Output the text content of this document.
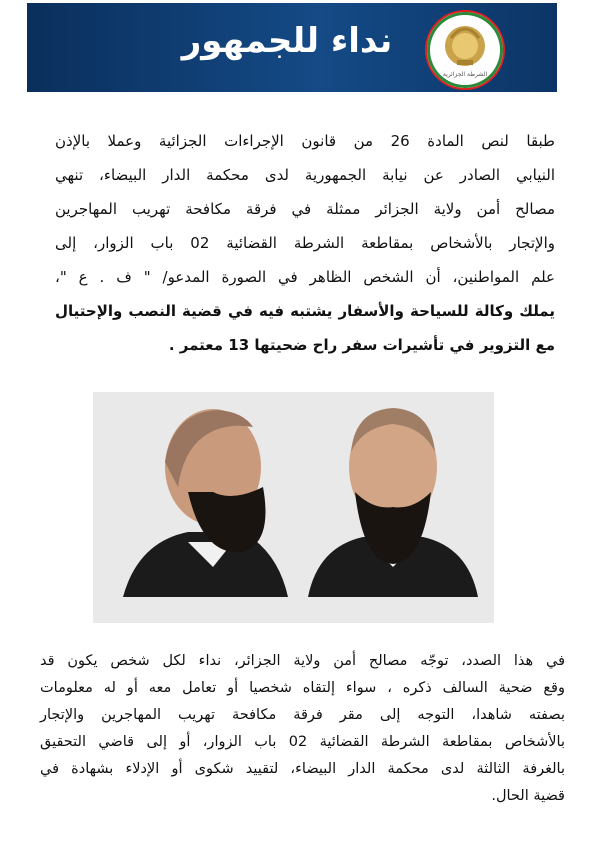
نداء للجمهور
الشرطة الجزائرية
طبقا لنص المادة 26 من قانون الإجراءات الجزائية وعملا بالإذن
النيابي الصادر عن نيابة الجمهورية لدى محكمة الدار البيضاء، تنهي
مصالح أمن ولاية الجزائر ممثلة في فرقة مكافحة تهريب المهاجرين
والإتجار بالأشخاص بمقاطعة الشرطة القضائية 02 باب الزوار، إلى
علم المواطنين، أن الشخص الظاهر في الصورة المدعو/ " ف . ع "،
يملك وكالة للسياحة والأسفار يشتبه فيه في قضية النصب والإحتيال
مع التزوير في تأشيرات سفر راح ضحيتها 13 معتمر .
في هذا الصدد، توجّه مصالح أمن ولاية الجزائر، نداء لكل شخص يكون قد
وقع ضحية السالف ذكره ، سواء إلتقاه شخصيا أو تعامل معه أو له معلومات
بصفته شاهدا، التوجه إلى مقر فرقة مكافحة تهريب المهاجرين والإتجار
بالأشخاص بمقاطعة الشرطة القضائية 02 باب الزوار، أو إلى قاضي التحقيق
بالغرفة الثالثة لدى محكمة الدار البيضاء، لتقييد شكوى أو الإدلاء بشهادة في
قضية الحال.
